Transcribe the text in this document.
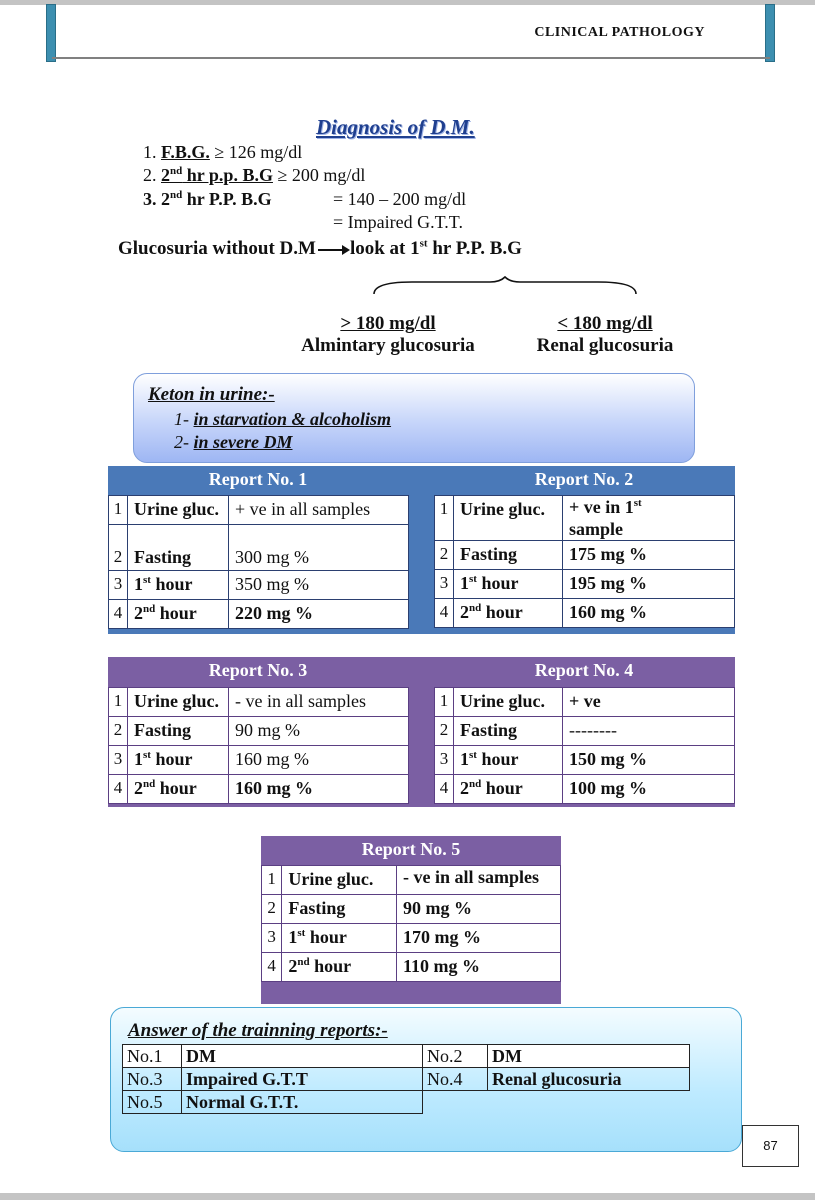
CLINICAL PATHOLOGY
Diagnosis of D.M.
1. F.B.G. ≥ 126 mg/dl
2. 2nd hr p.p. B.G ≥ 200 mg/dl
3. 2nd hr P.P. B.G	= 140 – 200 mg/dl
= Impaired G.T.T.
Glucosuria without D.M look at 1st hr P.P. B.G
> 180 mg/dl
Almintary glucosuria
< 180 mg/dl
Renal glucosuria
Keton in urine:-
1- in starvation & alcoholism
2- in severe DM
Report No. 1	Report No. 2
1	Urine gluc.	+ ve in all samples
2	Fasting	300 mg %
3	1st hour	350 mg %
4	2nd hour	220 mg %
1	Urine gluc.	+ ve in 1st
sample
2	Fasting	175 mg %
3	1st hour	195 mg %
4	2nd hour	160 mg %
Report No. 3	Report No. 4
1	Urine gluc.	- ve in all samples
2	Fasting	90 mg %
3	1st hour	160 mg %
4	2nd hour	160 mg %
1	Urine gluc.	+ ve
2	Fasting	--------
3	1st hour	150 mg %
4	2nd hour	100 mg %
Report No. 5
1	Urine gluc.	- ve in all samples
2	Fasting	90 mg %
3	1st hour	170 mg %
4	2nd hour	110 mg %
Answer of the trainning reports:-
No.1	DM	No.2	DM
No.3	Impaired G.T.T	No.4	Renal glucosuria
No.5	Normal G.T.T.		
87
